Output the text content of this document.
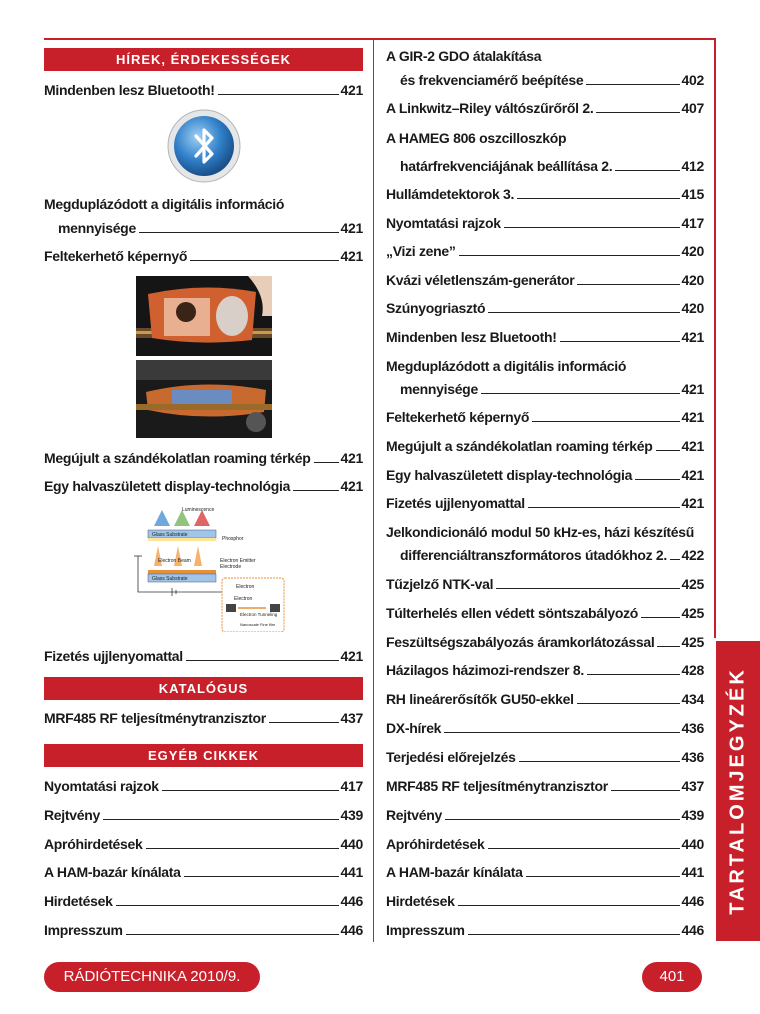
HÍREK, ÉRDEKESSÉGEK
Mindenben lesz Bluetooth!	421
Megduplázódott a digitális információ
mennyisége	421
Feltekerhető képernyő	421
Megújult a szándékolatlan roaming térkép 421
Egy halvaszületett display-technológia	421
Luminescence
Glass Substrate
Phosphor
Electron Beam	Electron Emitter
Electrode
Glass Substrate
Electron
Electron
Electron Tunneling
Nanoscale Fine film
Fizetés ujjlenyomattal	421
KATALÓGUS
MRF485 RF teljesítménytranzisztor	437
EGYÉB CIKKEK
Nyomtatási rajzok	417
Rejtvény	439
Apróhirdetések	440
A HAM-bazár kínálata	441
Hirdetések	446
Impresszum	446
A GIR-2 GDO átalakítása
és frekvenciamérő beépítése	402
A Linkwitz–Riley váltószűrőről 2.	407
A HAMEG 806 oszcilloszkóp
határfrekvenciájának beállítása 2.	412
Hullámdetektorok 3.	415
Nyomtatási rajzok	417
„Vizi zene”	420
Kvázi véletlenszám-generátor	420
Szúnyogriasztó	420
Mindenben lesz Bluetooth!	421
Megduplázódott a digitális információ
mennyisége	421
Feltekerhető képernyő	421
Megújult a szándékolatlan roaming térkép 421
Egy halvaszületett display-technológia	421
Fizetés ujjlenyomattal	421
Jelkondicionáló modul 50 kHz-es, házi készítésű
differenciáltranszformátoros útadókhoz 2. 422
Tűzjelző NTK-val	425
Túlterhelés ellen védett söntszabályozó	425
Feszültségszabályozás áramkorlátozással 425
Házilagos házimozi-rendszer 8.	428
RH lineárerősítők GU50-ekkel	434
DX-hírek	436
Terjedési előrejelzés	436
MRF485 RF teljesítménytranzisztor	437
Rejtvény	439
Apróhirdetések	440
A HAM-bazár kínálata	441
Hirdetések	446
Impresszum	446
TARTALOMJEGYZÉK
RÁDIÓTECHNIKA 2010/9.	401
